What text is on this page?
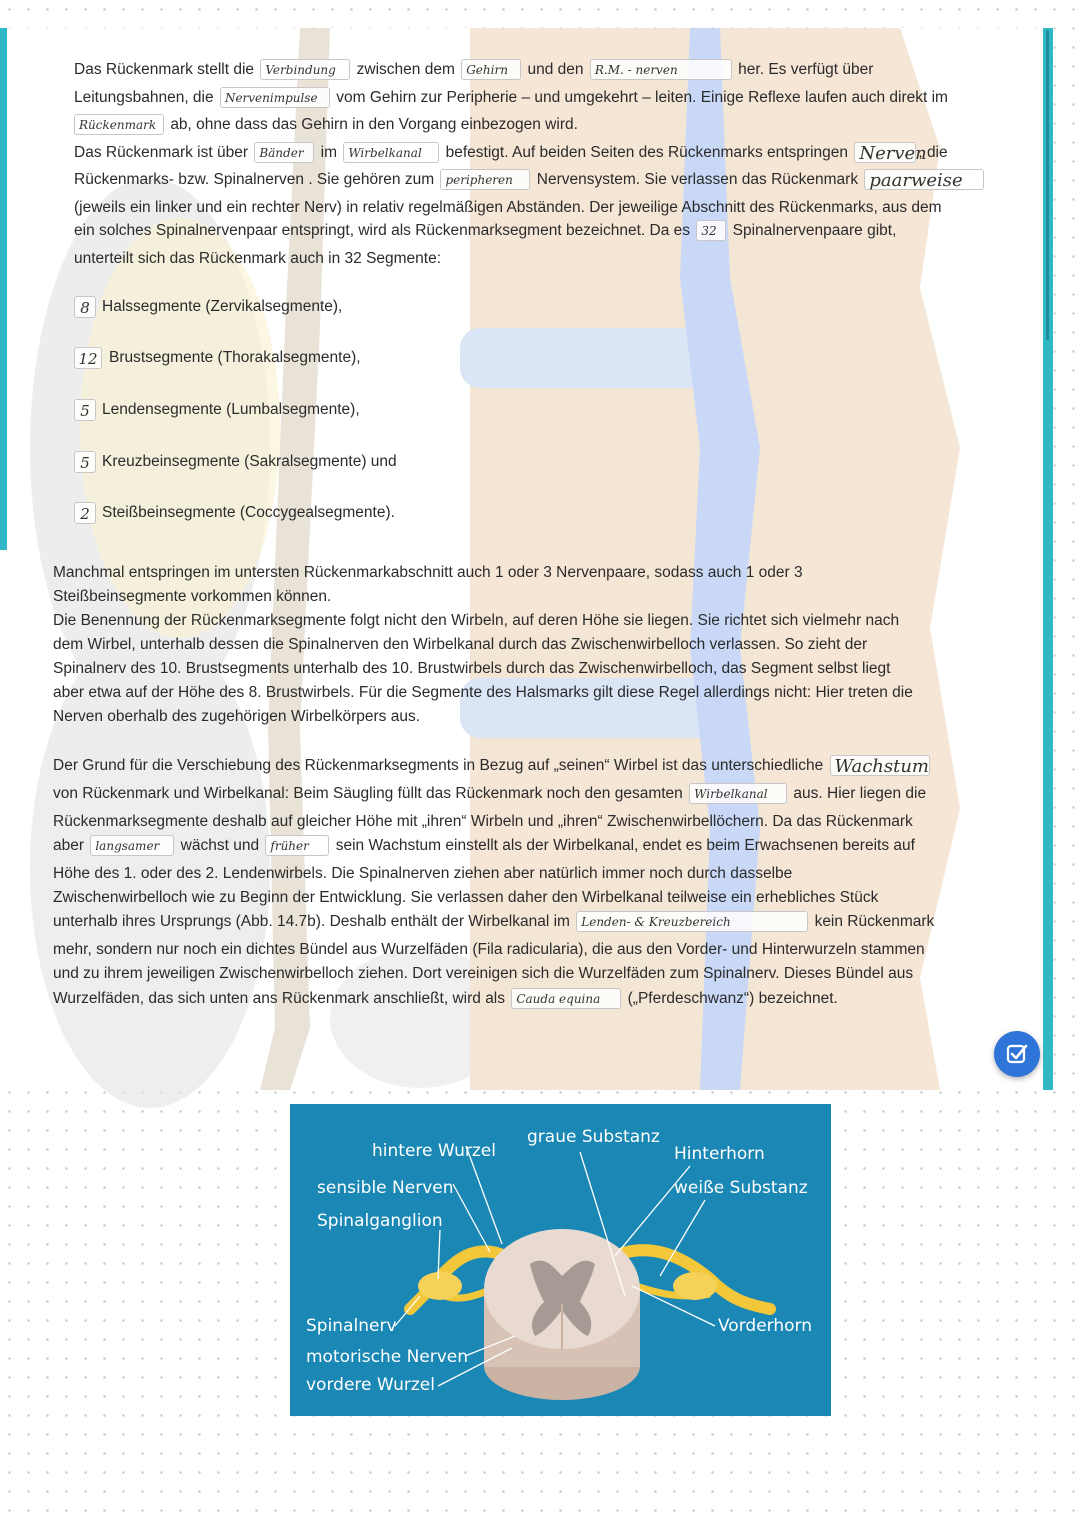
Das Rückenmark stellt die Verbindung zwischen dem Gehirn und den R.M. - nerven	her. Es verfügt über
Leitungsbahnen, die Nervenimpulse vom Gehirn zur Peripherie – und umgekehrt – leiten. Einige Reflexe laufen auch direkt im
Rückenmark ab, ohne dass das Gehirn in den Vorgang einbezogen wird.
Das Rückenmark ist über Bänder im Wirbelkanal befestigt. Auf beiden Seiten des Rückenmarks entspringen Nerven, die
Rückenmarks- bzw. Spinalnerven . Sie gehören zum peripheren Nervensystem. Sie verlassen das Rückenmark paarweise
(jeweils ein linker und ein rechter Nerv) in relativ regelmäßigen Abständen. Der jeweilige Abschnitt des Rückenmarks, aus dem
ein solches Spinalnervenpaar entspringt, wird als Rückenmarksegment bezeichnet. Da es 32 Spinalnervenpaare gibt,
unterteilt sich das Rückenmark auch in 32 Segmente:
8 Halssegmente (Zervikalsegmente),
12 Brustsegmente (Thorakalsegmente),
5 Lendensegmente (Lumbalsegmente),
5 Kreuzbeinsegmente (Sakralsegmente) und
2 Steißbeinsegmente (Coccygealsegmente).
Manchmal entspringen im untersten Rückenmarkabschnitt auch 1 oder 3 Nervenpaare, sodass auch 1 oder 3
Steißbeinsegmente vorkommen können.
Die Benennung der Rückenmarksegmente folgt nicht den Wirbeln, auf deren Höhe sie liegen. Sie richtet sich vielmehr nach
dem Wirbel, unterhalb dessen die Spinalnerven den Wirbelkanal durch das Zwischenwirbelloch verlassen. So zieht der
Spinalnerv des 10. Brustsegments unterhalb des 10. Brustwirbels durch das Zwischenwirbelloch, das Segment selbst liegt
aber etwa auf der Höhe des 8. Brustwirbels. Für die Segmente des Halsmarks gilt diese Regel allerdings nicht: Hier treten die
Nerven oberhalb des zugehörigen Wirbelkörpers aus.
Der Grund für die Verschiebung des Rückenmarksegments in Bezug auf „seinen“ Wirbel ist das unterschiedliche Wachstum
von Rückenmark und Wirbelkanal: Beim Säugling füllt das Rückenmark noch den gesamten Wirbelkanal aus. Hier liegen die
Rückenmarksegmente deshalb auf gleicher Höhe mit „ihren“ Wirbeln und „ihren“ Zwischenwirbellöchern. Da das Rückenmark
aber langsamer wächst und früher sein Wachstum einstellt als der Wirbelkanal, endet es beim Erwachsenen bereits auf
Höhe des 1. oder des 2. Lendenwirbels. Die Spinalnerven ziehen aber natürlich immer noch durch dasselbe
Zwischenwirbelloch wie zu Beginn der Entwicklung. Sie verlassen daher den Wirbelkanal teilweise ein erhebliches Stück
unterhalb ihres Ursprungs (Abb. 14.7b). Deshalb enthält der Wirbelkanal im Lenden- & Kreuzbereich	kein Rückenmark
mehr, sondern nur noch ein dichtes Bündel aus Wurzelfäden (Fila radicularia), die aus den Vorder- und Hinterwurzeln stammen
und zu ihrem jeweiligen Zwischenwirbelloch ziehen. Dort vereinigen sich die Wurzelfäden zum Spinalnerv. Dieses Bündel aus
Wurzelfäden, das sich unten ans Rückenmark anschließt, wird als Cauda equina („Pferdeschwanz“) bezeichnet.
hintere Wurzel
graue Substanz
Hinterhorn
sensible Nerven	weiße Substanz
Spinalganglion
Spinalnerv	Vorderhorn
motorische Nerven
vordere Wurzel
